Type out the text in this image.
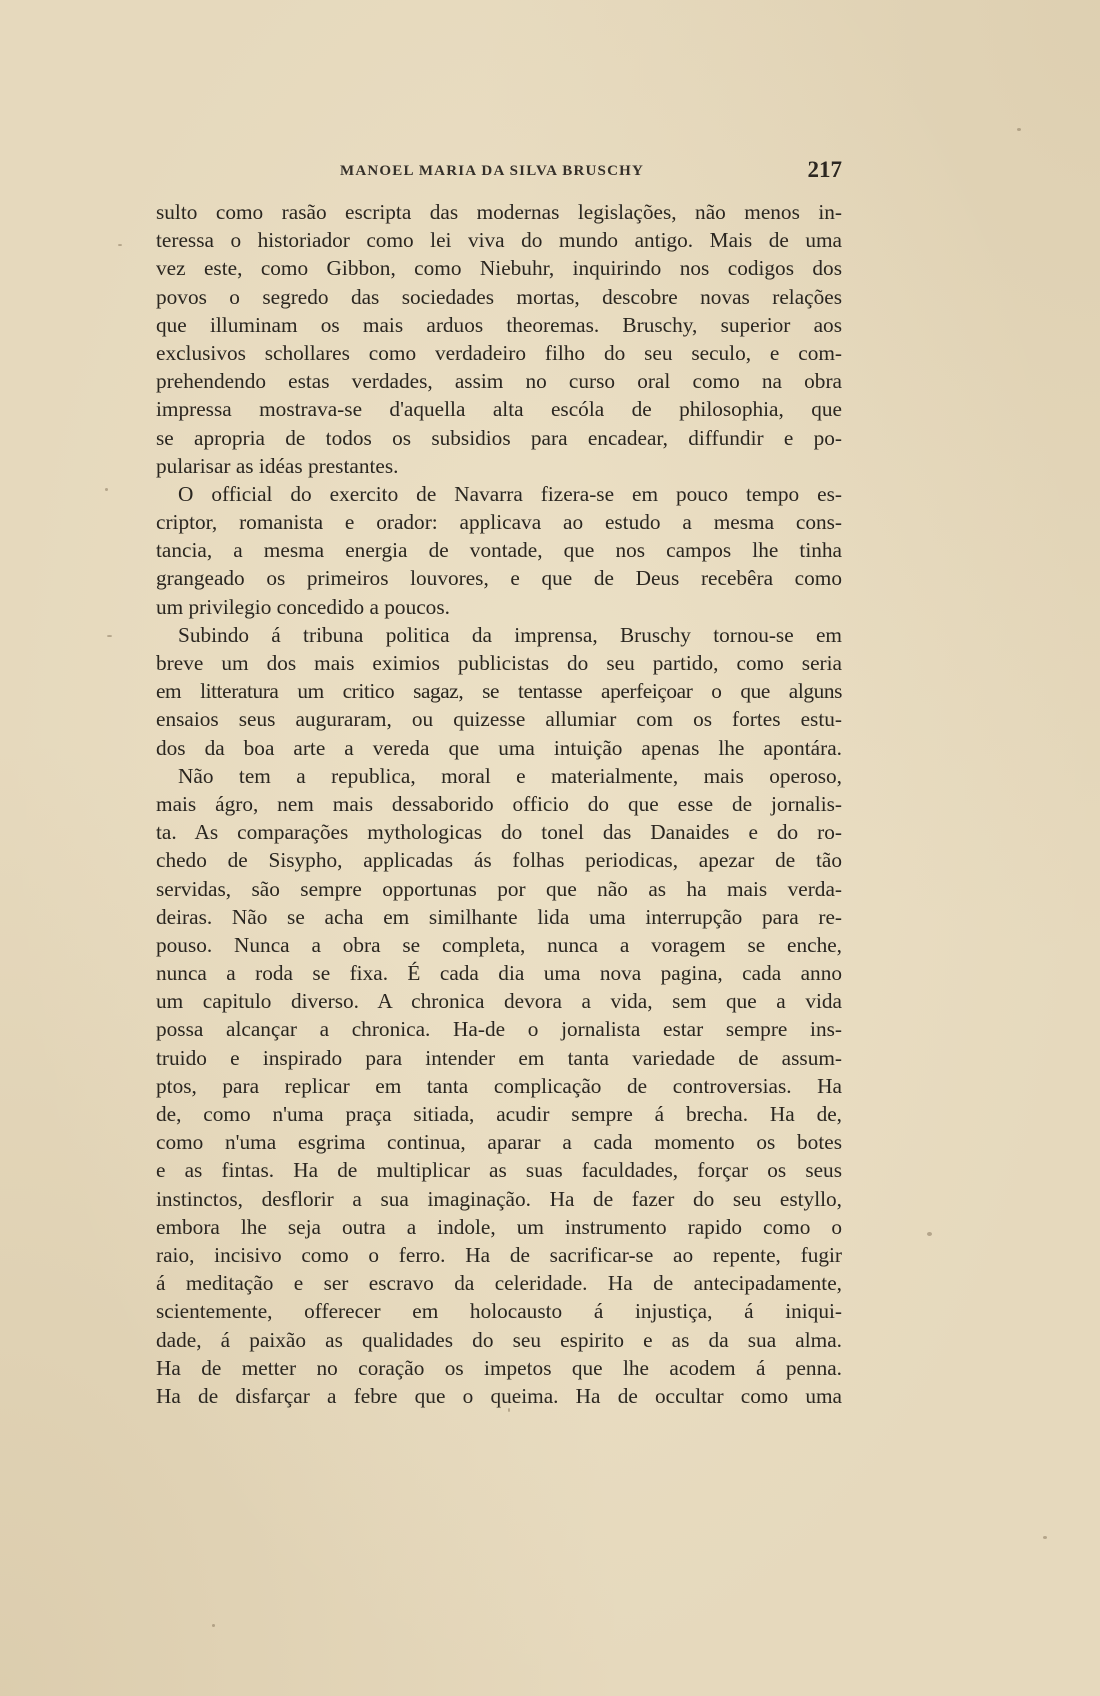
MANOEL MARIA DA SILVA BRUSCHY	217
sulto como rasão escripta das modernas legislações, não menos in-
teressa o historiador como lei viva do mundo antigo. Mais de uma
vez este, como Gibbon, como Niebuhr, inquirindo nos codigos dos
povos o segredo das sociedades mortas, descobre novas relações
que illuminam os mais arduos theoremas. Bruschy, superior aos
exclusivos schollares como verdadeiro filho do seu seculo, e com-
prehendendo estas verdades, assim no curso oral como na obra
impressa mostrava-se d'aquella alta escóla de philosophia, que
se apropria de todos os subsidios para encadear, diffundir e po-
pularisar as idéas prestantes.
O official do exercito de Navarra fizera-se em pouco tempo es-
criptor, romanista e orador: applicava ao estudo a mesma cons-
tancia, a mesma energia de vontade, que nos campos lhe tinha
grangeado os primeiros louvores, e que de Deus recebêra como
um privilegio concedido a poucos.
Subindo á tribuna politica da imprensa, Bruschy tornou-se em
breve um dos mais eximios publicistas do seu partido, como seria
em litteratura um critico sagaz, se tentasse aperfeiçoar o que alguns
ensaios seus auguraram, ou quizesse allumiar com os fortes estu-
dos da boa arte a vereda que uma intuição apenas lhe apontára.
Não tem a republica, moral e materialmente, mais operoso,
mais ágro, nem mais dessaborido officio do que esse de jornalis-
ta. As comparações mythologicas do tonel das Danaides e do ro-
chedo de Sisypho, applicadas ás folhas periodicas, apezar de tão
servidas, são sempre opportunas por que não as ha mais verda-
deiras. Não se acha em similhante lida uma interrupção para re-
pouso. Nunca a obra se completa, nunca a voragem se enche,
nunca a roda se fixa. É cada dia uma nova pagina, cada anno
um capitulo diverso. A chronica devora a vida, sem que a vida
possa alcançar a chronica. Ha-de o jornalista estar sempre ins-
truido e inspirado para intender em tanta variedade de assum-
ptos, para replicar em tanta complicação de controversias. Ha
de, como n'uma praça sitiada, acudir sempre á brecha. Ha de,
como n'uma esgrima continua, aparar a cada momento os botes
e as fintas. Ha de multiplicar as suas faculdades, forçar os seus
instinctos, desflorir a sua imaginação. Ha de fazer do seu estyllo,
embora lhe seja outra a indole, um instrumento rapido como o
raio, incisivo como o ferro. Ha de sacrificar-se ao repente, fugir
á meditação e ser escravo da celeridade. Ha de antecipadamente,
scientemente, offerecer em holocausto á injustiça, á iniqui-
dade, á paixão as qualidades do seu espirito e as da sua alma.
Ha de metter no coração os impetos que lhe acodem á penna.
Ha de disfarçar a febre que o queima. Ha de occultar como uma
